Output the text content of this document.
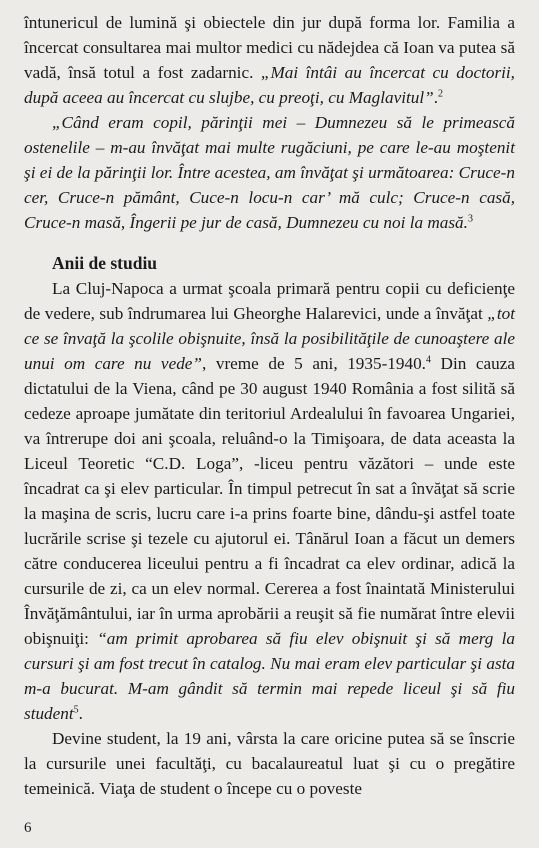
întunericul de lumină şi obiectele din jur după forma lor. Familia a încercat consultarea mai multor medici cu nădejdea că Ioan va putea să vadă, însă totul a fost zadarnic. „Mai întâi au încercat cu doctorii, după aceea au încercat cu slujbe, cu preoţi, cu Maglavitul”.$^2$

„Când eram copil, părinţii mei – Dumnezeu să le primească ostenelile – m-au învăţat mai multe rugăciuni, pe care le-au moştenit şi ei de la părinţii lor. Între acestea, am învăţat şi următoarea: Cruce-n cer, Cruce-n pământ, Cuce-n locu-n car’ mă culc; Cruce-n casă, Cruce-n masă, Îngerii pe jur de casă, Dumnezeu cu noi la masă.$^3$

Anii de studiu

La Cluj-Napoca a urmat şcoala primară pentru copii cu deficienţe de vedere, sub îndrumarea lui Gheorghe Halarevici, unde a învăţat „tot ce se învaţă la şcolile obişnuite, însă la posibilităţile de cunoaştere ale unui om care nu vede”, vreme de 5 ani, 1935-1940.$^4$ Din cauza dictatului de la Viena, când pe 30 august 1940 România a fost silită să cedeze aproape jumătate din teritoriul Ardealului în favoarea Ungariei, va întrerupe doi ani şcoala, reluând-o la Timişoara, de data aceasta la Liceul Teoretic “C.D. Loga”, -liceu pentru văzători – unde este încadrat ca şi elev particular. În timpul petrecut în sat a învăţat să scrie la maşina de scris, lucru care i-a prins foarte bine, dându-şi astfel toate lucrările scrise şi tezele cu ajutorul ei. Tânărul Ioan a făcut un demers către conducerea liceului pentru a fi încadrat ca elev ordinar, adică la cursurile de zi, ca un elev normal. Cererea a fost înaintată Ministerului Învăţământului, iar în urma aprobării a reuşit să fie numărat între elevii obişnuiţi: “am primit aprobarea să fiu elev obişnuit şi să merg la cursuri şi am fost trecut în catalog. Nu mai eram elev particular şi asta m-a bucurat. M-am gândit să termin mai repede liceul şi să fiu student$^5$.

Devine student, la 19 ani, vârsta la care oricine putea să se înscrie la cursurile unei facultăţi, cu bacalaureatul luat şi cu o pregătire temeinică. Viaţa de student o începe cu o poveste

6
